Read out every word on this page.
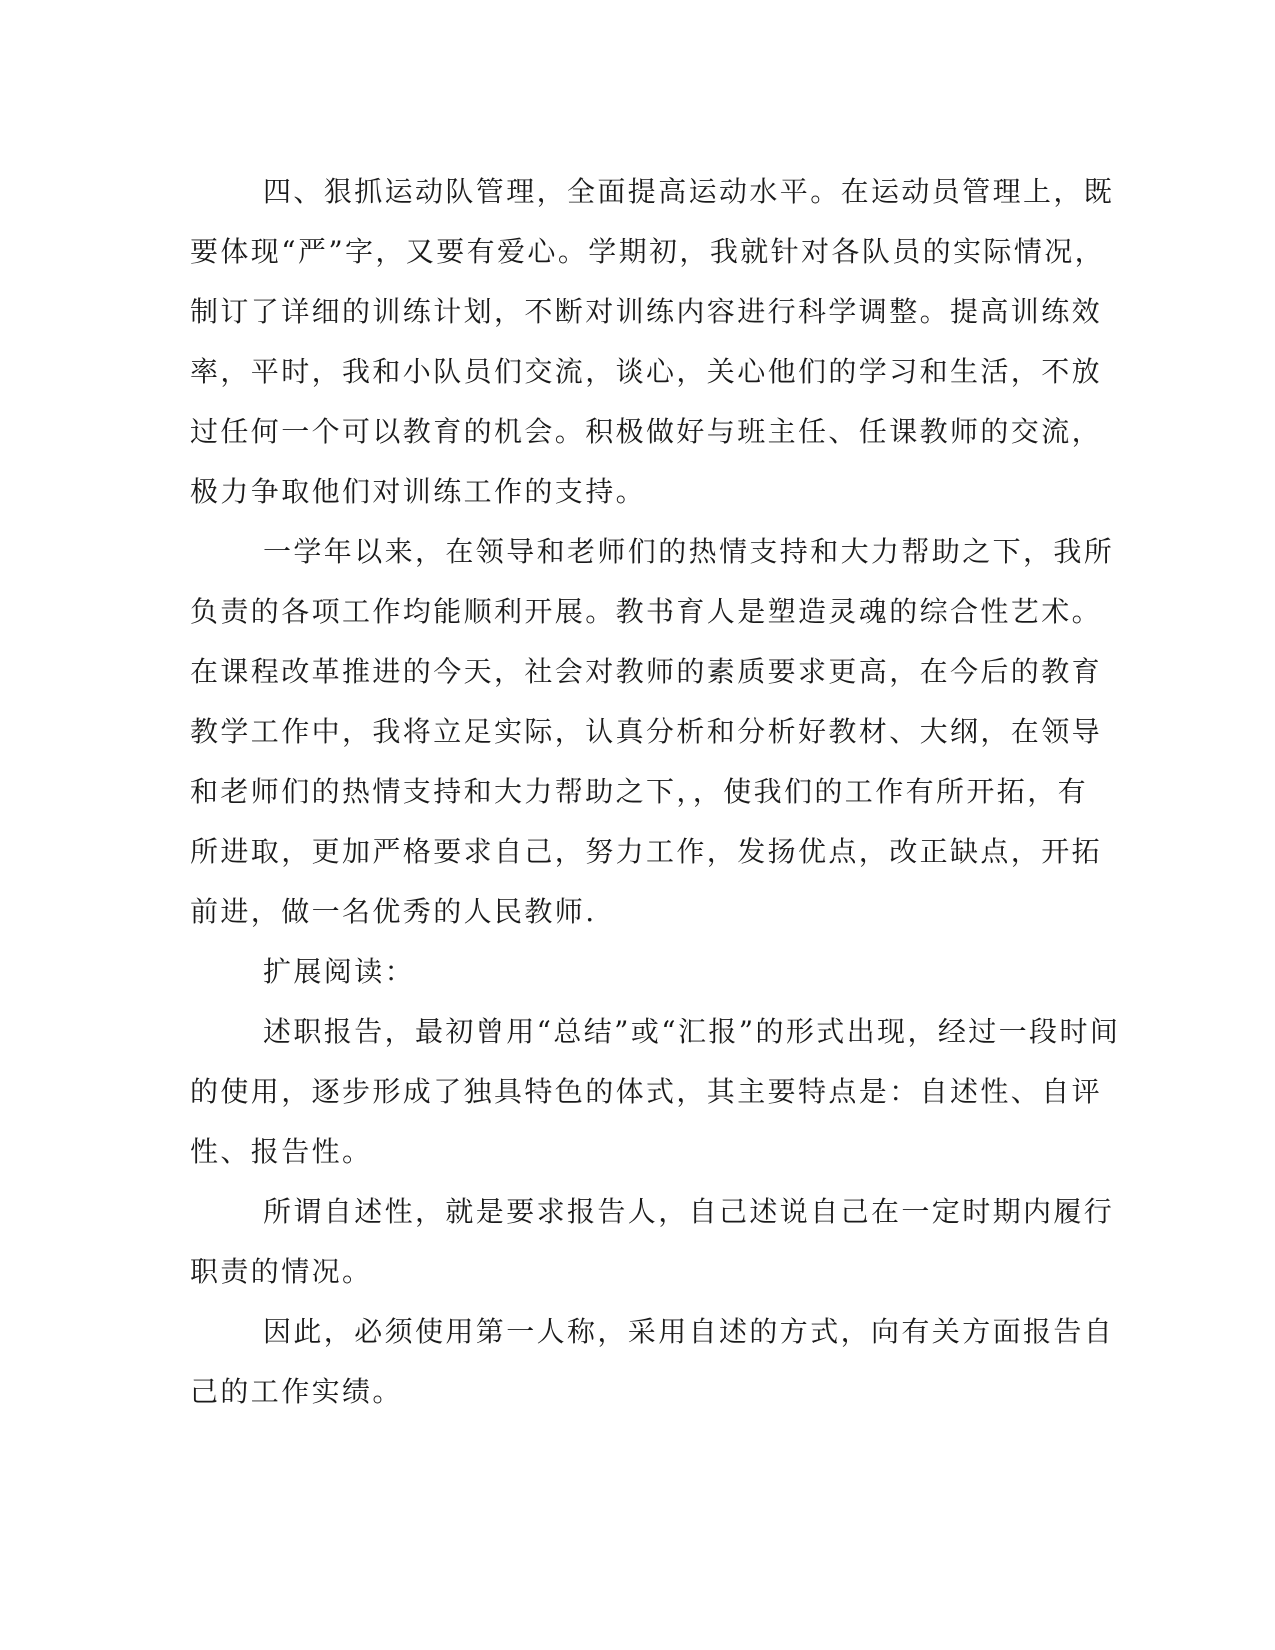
四、狠抓运动队管理，全面提高运动水平。在运动员管理上，既
要体现“严”字，又要有爱心。学期初，我就针对各队员的实际情况，
制订了详细的训练计划，不断对训练内容进行科学调整。提高训练效
率，平时，我和小队员们交流，谈心，关心他们的学习和生活，不放
过任何一个可以教育的机会。积极做好与班主任、任课教师的交流，
极力争取他们对训练工作的支持。
一学年以来，在领导和老师们的热情支持和大力帮助之下，我所
负责的各项工作均能顺利开展。教书育人是塑造灵魂的综合性艺术。
在课程改革推进的今天，社会对教师的素质要求更高，在今后的教育
教学工作中，我将立足实际，认真分析和分析好教材、大纲，在领导
和老师们的热情支持和大力帮助之下，，使我们的工作有所开拓，有
所进取，更加严格要求自己，努力工作，发扬优点，改正缺点，开拓
前进，做一名优秀的人民教师.
扩展阅读：
述职报告，最初曾用“总结”或“汇报”的形式出现，经过一段时间
的使用，逐步形成了独具特色的体式，其主要特点是：自述性、自评
性、报告性。
所谓自述性，就是要求报告人，自己述说自己在一定时期内履行
职责的情况。
因此，必须使用第一人称，采用自述的方式，向有关方面报告自
己的工作实绩。
